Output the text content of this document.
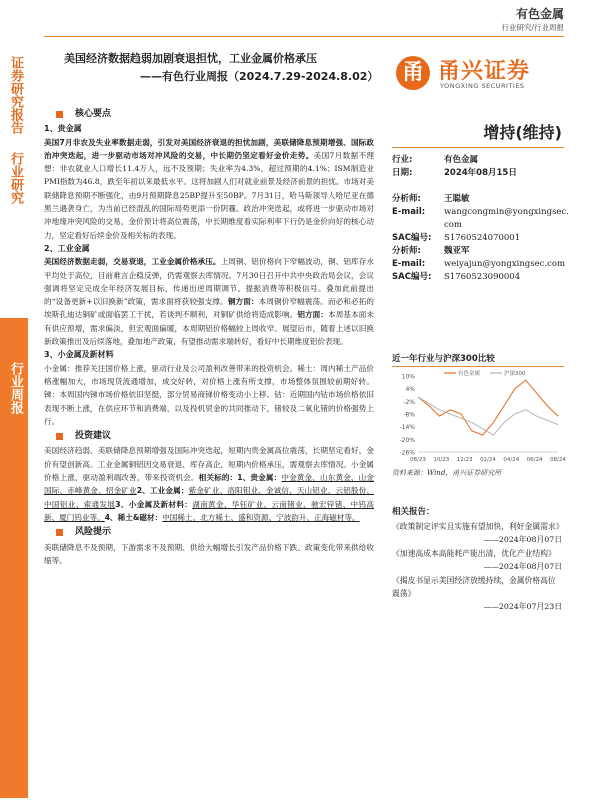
证券研究报告
行业研究
行业周报
有色金属
行业研究/行业周报
美国经济数据趋弱加剧衰退担忧，工业金属价格承压
——有色行业周报（2024.7.29-2024.8.02） 甬 甬兴证券
YONGXING SECURITIES
增持(维持)
行业:	有色金属
日期:	2024年08月15日

分析师:	王聪敏
E-mail:	wangcongmin@yongxingsec.com
SAC编号:	S1760524070001
分析师:	魏亚军
E-mail:	weiyajun@yongxingsec.com
SAC编号:	S1760523090004
核心要点
1、贵金属
美国7月非农及失业率数据走弱，引发对美国经济衰退的担忧加剧，美联储降息预期增强、国际政治冲突迭起，进一步驱动市场对冲风险的交易，中长期仍坚定看好金价走势。美国7月数据不理想：非农就业人口增长11.4万人，远不及预期；失业率为4.3%，超过预期的4.1%；ISM制造业PMI指数为46.8，跌至年初以来最低水平。这将加剧人们对就业前景及经济前景的担忧。市场对美联储降息预期不断强化，由9月预期降息25BP提升至50BP。7月31日，哈马斯领导人哈尼亚在德黑兰遇袭身亡，为当前已经混乱的国际局势更添一份阴霾。政治冲突迭起，或将进一步驱动市场对冲地缘冲突风险的交易，金价预计将高位震荡，中长期维度看实际利率下行仍是金价向好的核心动力，坚定看好后续金价及相关标的表现。
2、工业金属
美国经济数据走弱，交易衰退，工业金属价格承压。上周铜、铝价格向下窄幅波动，铜、铝库存水平均处于高位，目前难言企稳反弹，仍需观察去库情况。7月30日召开中共中央政治局会议，会议强调将坚定完成全年经济发展目标，传递出逆周期调节、提振消费等积极信号。叠加此前提出的“设备更新+以旧换新”政策，需求面将获较强支撑。铜方面：本周铜价窄幅震荡。而必和必拓的埃斯孔迪达铜矿或面临罢工干扰，若谈判不顺利，对铜矿供给将造成影响。铝方面：本周基本面未有供应预增，需求偏淡，但宏观面偏暖，本周期铝价格幅较上周收窄。展望后市，随着上述以旧换新政策推出及后续落地，叠加地产政策，有望推动需求端转好，看好中长期维度铝价表现。
3、小金属及新材料
小金属：推荐关注国价格上涨，驱动行业及公司盈利改善带来的投资机会。稀土：周内稀土产品价格涨幅加大，市场现货流通增加，成交好转，对价格上涨有所支撑，市场整体氛围较前期好转。锑：本周国内锑市场价格依旧坚挺，部分贸易商锑价格变动小上移。钴：近期国内钴市场价格依旧表现不断上涨，在供应环节和消费端，以及投机贸金的共同推动下，锗较及二氧化锗的价格强势上行。
投资建议
美国经济趋弱、美联储降息预期增强及国际冲突迭起，短期内贵金属高位震荡，长期坚定看好，金价有望创新高。工业金属铜铝因交易衰退、库存高企，短期内价格承压，需观察去库情况。小金属价格上涨，驱动盈利端改善，带来投资机会。相关标的：1、贵金属：中金黄金、山东黄金、山金国际、赤峰黄金、招金矿业2、工业金属：紫金矿业、洛阳钼业、金诚信、天山铝业、云铝股份、中国铝业、索通发展3、小金属及新材料：湖南黄金、华钰矿业、云南锗业、驰宏锌锗、中钨高新、厦门钨业等。4、稀土&磁材：中国稀土、北方稀土、盛和资源、宁波韵升、正海磁材等。
风险提示
美联储降息不及预期，下游需求不及预期、供给大幅增长引发产品价格下跌、政策变化带来供给收缩等。
近一年行业与沪深300比较
10%
4%
-2%
-8%
-14%
-20%
-26%
08/23 10/23 12/23 02/24 04/24 06/24 08/24
有色金属	沪深300
资料来源：Wind，甬兴证券研究所
相关报告：
《政策制定评实且实施有望加快，利好金属需求》
——2024年08月07日
《加速高成本高能耗产能出清，优化产业结构》
——2024年08月07日
《揭皮书显示美国经济放缓持续，金属价格高位震荡》
——2024年07月23日
